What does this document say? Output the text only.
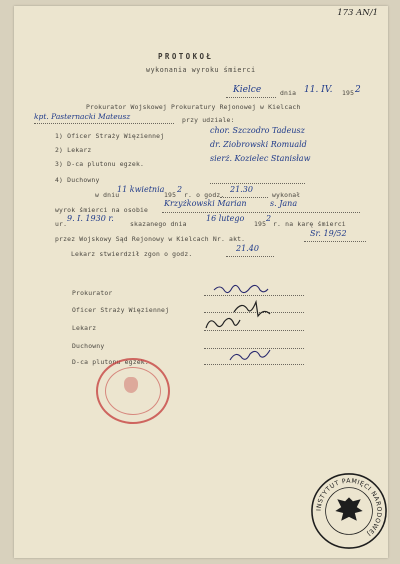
173 AN/1
PROTOKOŁ
wykonania wyroku śmierci
Kielce	dnia 11. IV. 195 2
Prokurator Wojskowej Prokuratury Rejonowej w Kielcach
kpt. Pasternacki Mateusz	przy udziale:
1) Oficer Straży Więziennej
chor. Szczodro Tadeusz
2) Lekarz
dr. Ziobrowski Romuald
3) D-ca plutonu egzek.
sierż. Kozielec Stanisław
4) Duchowny
w dniu
11 kwietnia
195
2
r. o godz.
21.30
wykonał
wyrok śmierci na osobie
Krzyżkowski Marian	s. Jana
ur.
9. I. 1930 r.
skazanego dnia
16 lutego
195
2
r. na karę śmierci
przez Wojskowy Sąd Rejonowy w Kielcach Nr. akt.
Sr. 19/52
Lekarz stwierdził zgon o godz.
21.40
Prokurator
Oficer Straży Więziennej
Lekarz
Duchowny
D-ca plutonu egzek.
INSTYTUT PAMIĘCI NARODOWEJ
